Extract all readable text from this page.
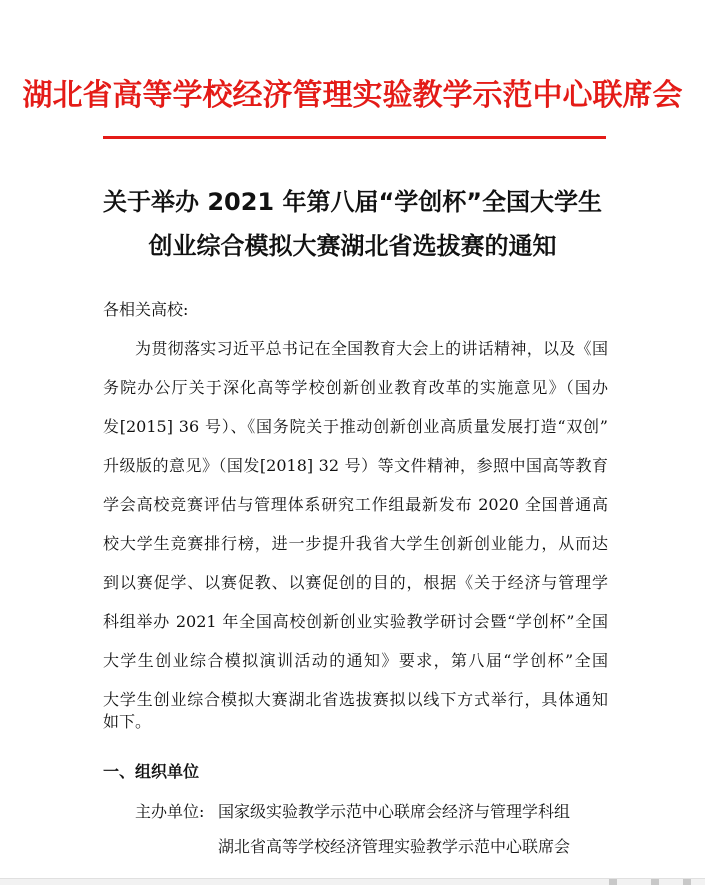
湖北省高等学校经济管理实验教学示范中心联席会
关于举办 2021 年第八届“学创杯”全国大学生
创业综合模拟大赛湖北省选拔赛的通知
各相关高校:
为贯彻落实习近平总书记在全国教育大会上的讲话精神，以及《国
务院办公厅关于深化高等学校创新创业教育改革的实施意见》（国办
发[2015] 36 号）、《国务院关于推动创新创业高质量发展打造“双创”
升级版的意见》（国发[2018] 32 号）等文件精神，参照中国高等教育
学会高校竞赛评估与管理体系研究工作组最新发布 2020 全国普通高
校大学生竞赛排行榜，进一步提升我省大学生创新创业能力，从而达
到以赛促学、以赛促教、以赛促创的目的，根据《关于经济与管理学
科组举办 2021 年全国高校创新创业实验教学研讨会暨“学创杯”全国
大学生创业综合模拟演训活动的通知》要求，第八届“学创杯”全国
大学生创业综合模拟大赛湖北省选拔赛拟以线下方式举行，具体通知
如下。
一、组织单位
主办单位: 国家级实验教学示范中心联席会经济与管理学科组
湖北省高等学校经济管理实验教学示范中心联席会
